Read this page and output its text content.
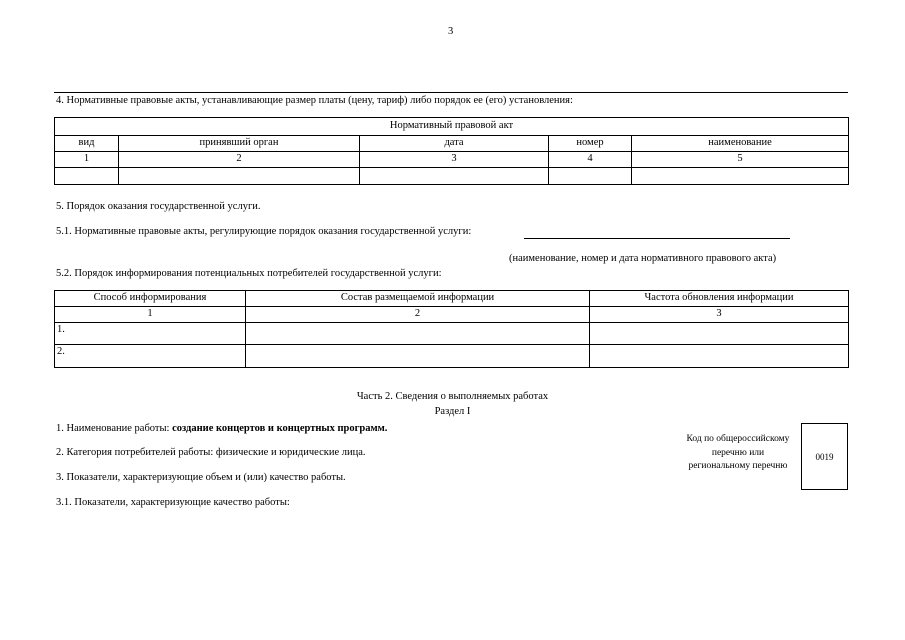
3
4. Нормативные правовые акты, устанавливающие размер платы (цену, тариф) либо порядок ее (его) установления:
Нормативный правовой акт				
вид	принявший орган	дата	номер	наименование
1	2	3	4	5

5. Порядок оказания государственной услуги.
5.1. Нормативные правовые акты, регулирующие порядок оказания государственной услуги:
(наименование, номер и дата нормативного правового акта)
5.2. Порядок информирования потенциальных потребителей государственной услуги:
Способ информирования	Состав размещаемой информации	Частота обновления информации
1	2	3
1.		
2.		
Часть 2. Сведения о выполняемых работах
Раздел I
1. Наименование работы: создание концертов и концертных программ.
2. Категория потребителей работы: физические и юридические лица.
3. Показатели, характеризующие объем и (или) качество работы.
3.1. Показатели, характеризующие качество работы:
Код по общероссийскому
перечню или
региональному перечню
0019
